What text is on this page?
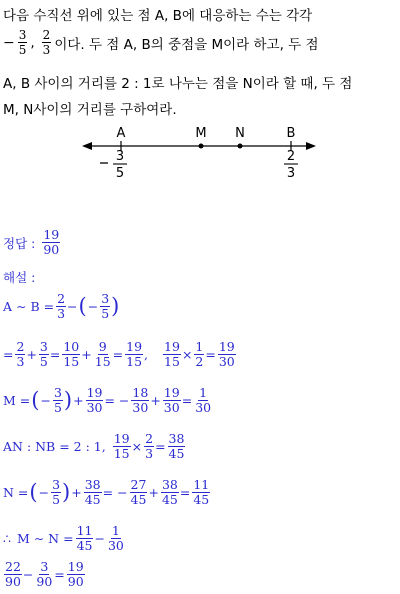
다음 수직선 위에 있는 점 A, B에 대응하는 수는 각각
− $\frac{3}{5}$ , $\frac{2}{3}$ 이다. 두 점 A, B의 중점을 M이라 하고, 두 점
A, B 사이의 거리를 2 : 1로 나누는 점을 N이라 할 때, 두 점
M, N사이의 거리를 구하여라.
A	M N	B
3
5
2
3
정답 : $\frac{19}{90}$
해설 :
A ∼ $B = \frac{2}{3}$ − ( − $\frac{3}{5}$ )
= $\frac{2}{3} + \frac{3}{5} = \frac{10}{15} + \frac{9}{15} = \frac{19}{15}$ , $\frac{19}{15} \times \frac{1}{2} = \frac{19}{30}$
M = ( − $\frac{3}{5}$ ) + $\frac{19}{30}$ = − $\frac{18}{30} + \frac{19}{30} = \frac{1}{30}$
AN : NB = 2 : 1, $\frac{19}{15} \times \frac{2}{3} = \frac{38}{45}$
N = ( − $\frac{3}{5}$ ) + $\frac{38}{45}$ = − $\frac{27}{45} + \frac{38}{45} = \frac{11}{45}$
∴ M ∼ $N = \frac{11}{45} - \frac{1}{30}$
$\frac{22}{90} - \frac{3}{90} = \frac{19}{90}$
